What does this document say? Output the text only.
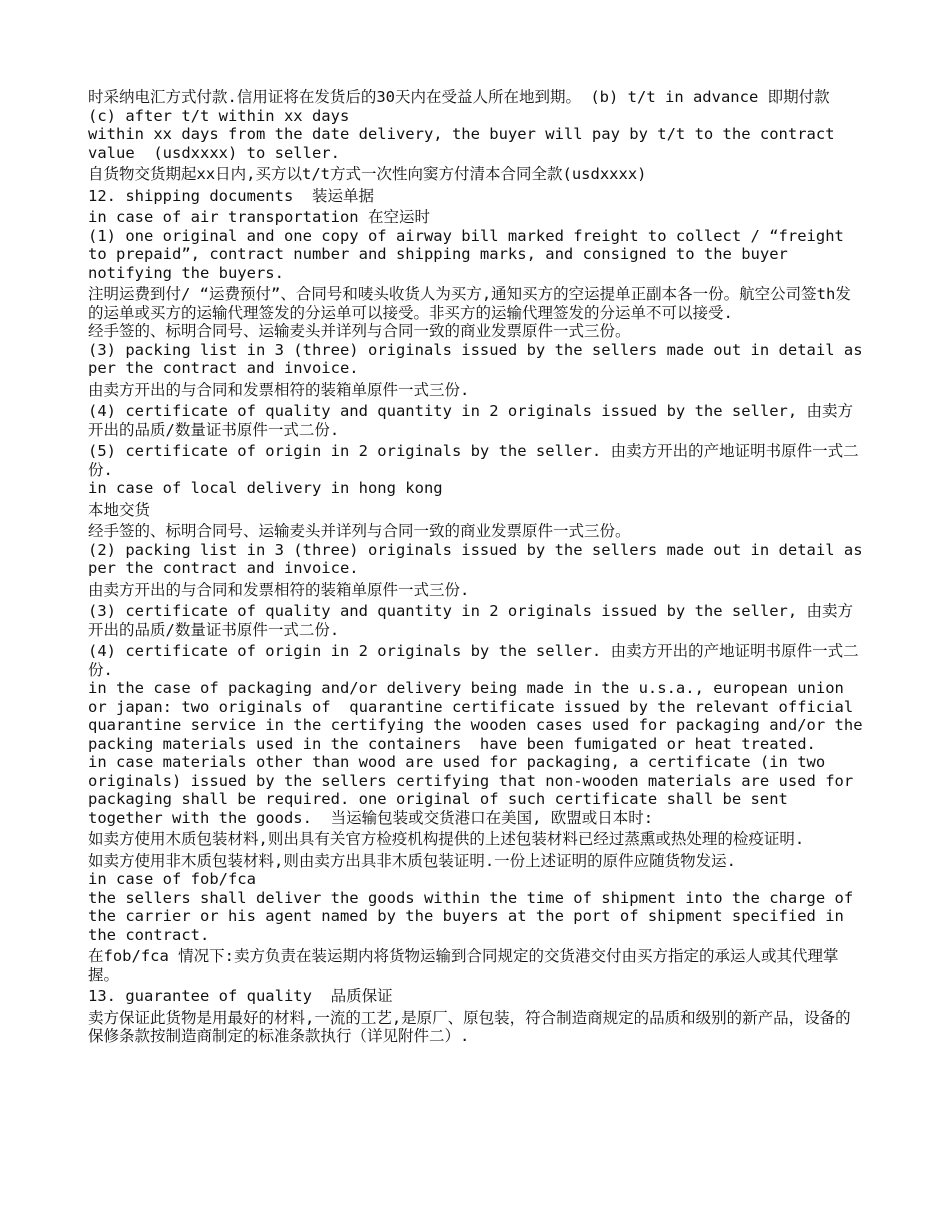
时采纳电汇方式付款.信用证将在发货后的30天内在受益人所在地到期。 (b) t/t in advance 即期付款

(c) after t/t within xx days

within xx days from the date delivery, the buyer will pay by t/t to the contract value  (usdxxxx) to seller.

自货物交货期起xx日内,买方以t/t方式一次性向窦方付清本合同全款(usdxxxx)

12. shipping documents  装运单据

in case of air transportation 在空运时

(1) one original and one copy of airway bill marked freight to collect / “freight to prepaid”, contract number and shipping marks, and consigned to the buyer notifying the buyers.

注明运费到付/ “运费预付”、合同号和唛头收货人为买方,通知买方的空运提单正副本各一份。航空公司签th发的运单或买方的运输代理签发的分运单可以接受。非买方的运输代理签发的分运单不可以接受.

经手签的、标明合同号、运输麦头并详列与合同一致的商业发票原件一式三份。

(3) packing list in 3 (three) originals issued by the sellers made out in detail as per the contract and invoice.

由卖方开出的与合同和发票相符的装箱单原件一式三份.

(4) certificate of quality and quantity in 2 originals issued by the seller, 由卖方开出的品质/数量证书原件一式二份.

(5) certificate of origin in 2 originals by the seller. 由卖方开出的产地证明书原件一式二份.

in case of local delivery in hong kong

本地交货

经手签的、标明合同号、运输麦头并详列与合同一致的商业发票原件一式三份。

(2) packing list in 3 (three) originals issued by the sellers made out in detail as per the contract and invoice.

由卖方开出的与合同和发票相符的装箱单原件一式三份.

(3) certificate of quality and quantity in 2 originals issued by the seller, 由卖方开出的品质/数量证书原件一式二份.

(4) certificate of origin in 2 originals by the seller. 由卖方开出的产地证明书原件一式二份.

in the case of packaging and/or delivery being made in the u.s.a., european union or japan: two originals of  quarantine certificate issued by the relevant official quarantine service in the certifying the wooden cases used for packaging and/or the packing materials used in the containers  have been fumigated or heat treated.

in case materials other than wood are used for packaging, a certificate (in two originals) issued by the sellers certifying that non-wooden materials are used for packaging shall be required. one original of such certificate shall be sent together with the goods.  当运输包装或交货港口在美国, 欧盟或日本时:

如卖方使用木质包装材料,则出具有关官方检疫机构提供的上述包装材料已经过蒸熏或热处理的检疫证明.

如卖方使用非木质包装材料,则由卖方出具非木质包装证明.一份上述证明的原件应随货物发运.

in case of fob/fca

the sellers shall deliver the goods within the time of shipment into the charge of the carrier or his agent named by the buyers at the port of shipment specified in the contract.

在fob/fca 情况下:卖方负责在装运期内将货物运输到合同规定的交货港交付由买方指定的承运人或其代理掌握。

13. guarantee of quality  品质保证

卖方保证此货物是用最好的材料,一流的工艺,是原厂、原包装，符合制造商规定的品质和级别的新产品，设备的保修条款按制造商制定的标准条款执行（详见附件二）.
